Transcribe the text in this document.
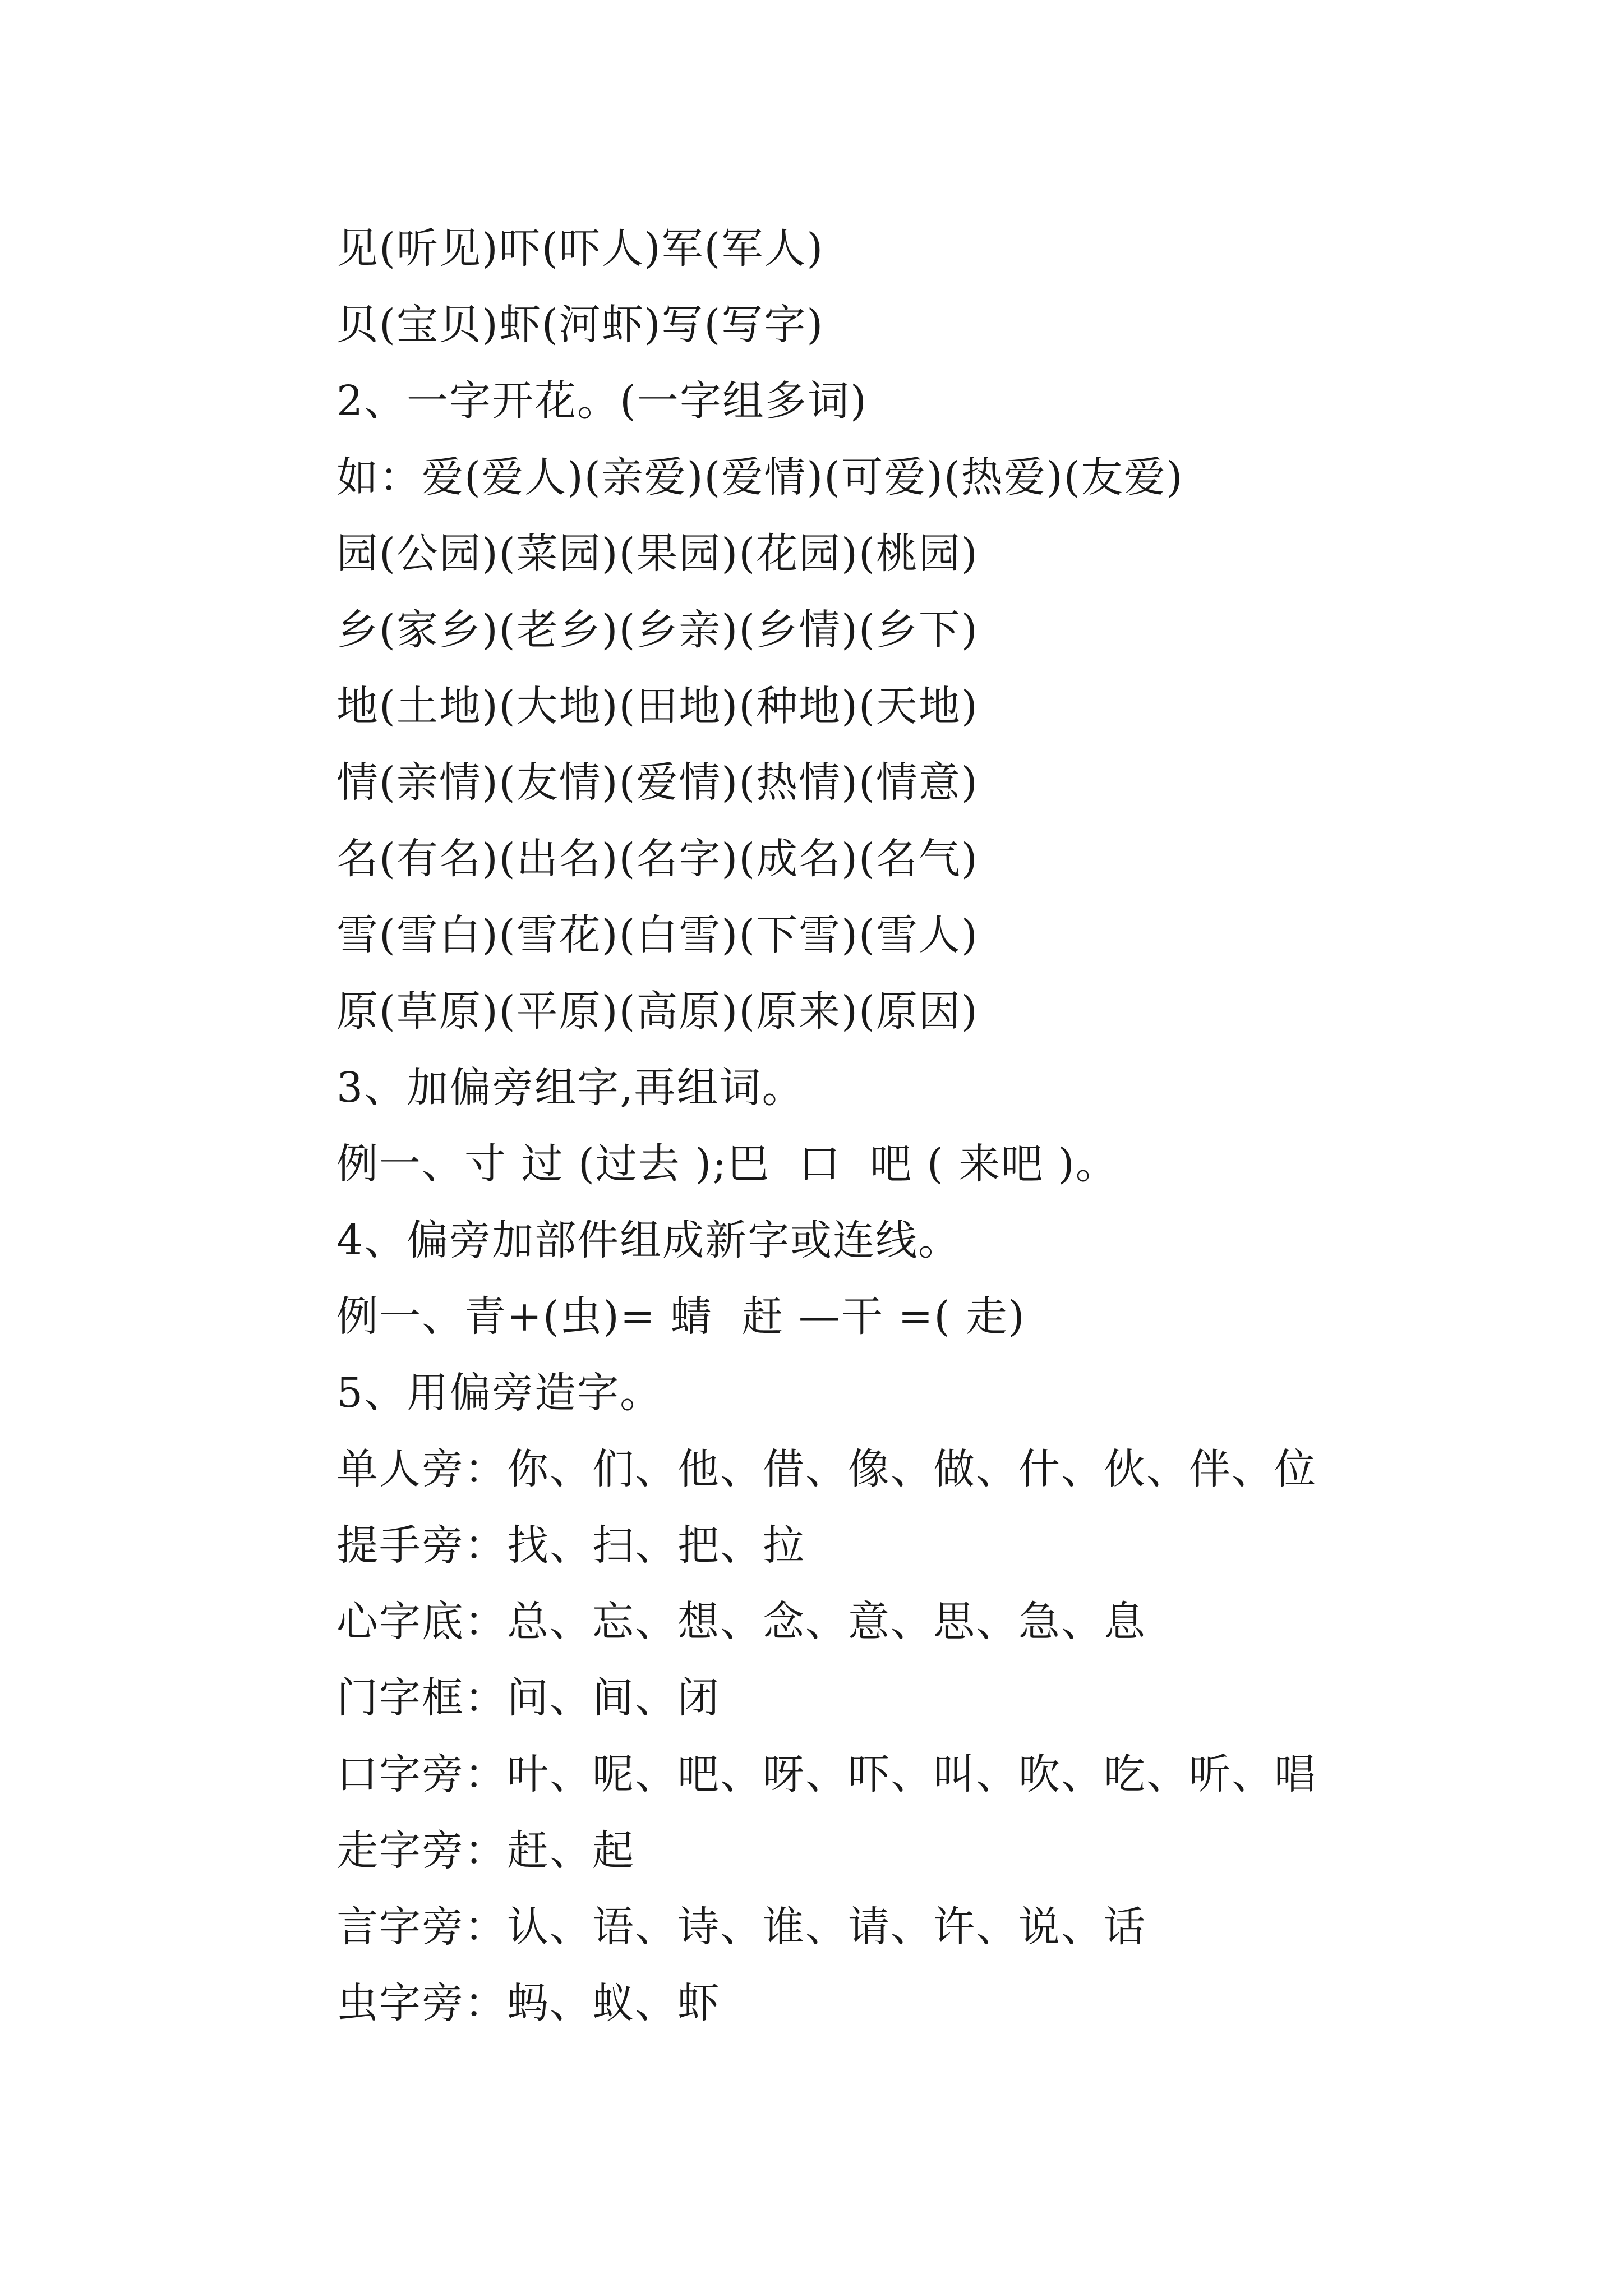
见(听见)吓(吓人)军(军人)
贝(宝贝)虾(河虾)写(写字)
2、一字开花。(一字组多词)
如：爱(爱人)(亲爱)(爱情)(可爱)(热爱)(友爱)
园(公园)(菜园)(果园)(花园)(桃园)
乡(家乡)(老乡)(乡亲)(乡情)(乡下)
地(土地)(大地)(田地)(种地)(天地)
情(亲情)(友情)(爱情)(热情)(情意)
名(有名)(出名)(名字)(成名)(名气)
雪(雪白)(雪花)(白雪)(下雪)(雪人)
原(草原)(平原)(高原)(原来)(原因)
3、加偏旁组字,再组词。
例一、寸 过 (过去 );巴  口  吧 ( 来吧 )。
4、偏旁加部件组成新字或连线。
例一、青+(虫)= 蜻  赶 —干 =( 走)
5、用偏旁造字。
单人旁：你、们、他、借、像、做、什、伙、伴、位
提手旁：找、扫、把、拉
心字底：总、忘、想、念、意、思、急、息
门字框：问、间、闭
口字旁：叶、呢、吧、呀、吓、叫、吹、吃、听、唱
走字旁：赶、起
言字旁：认、语、诗、谁、请、许、说、话
虫字旁：蚂、蚁、虾
